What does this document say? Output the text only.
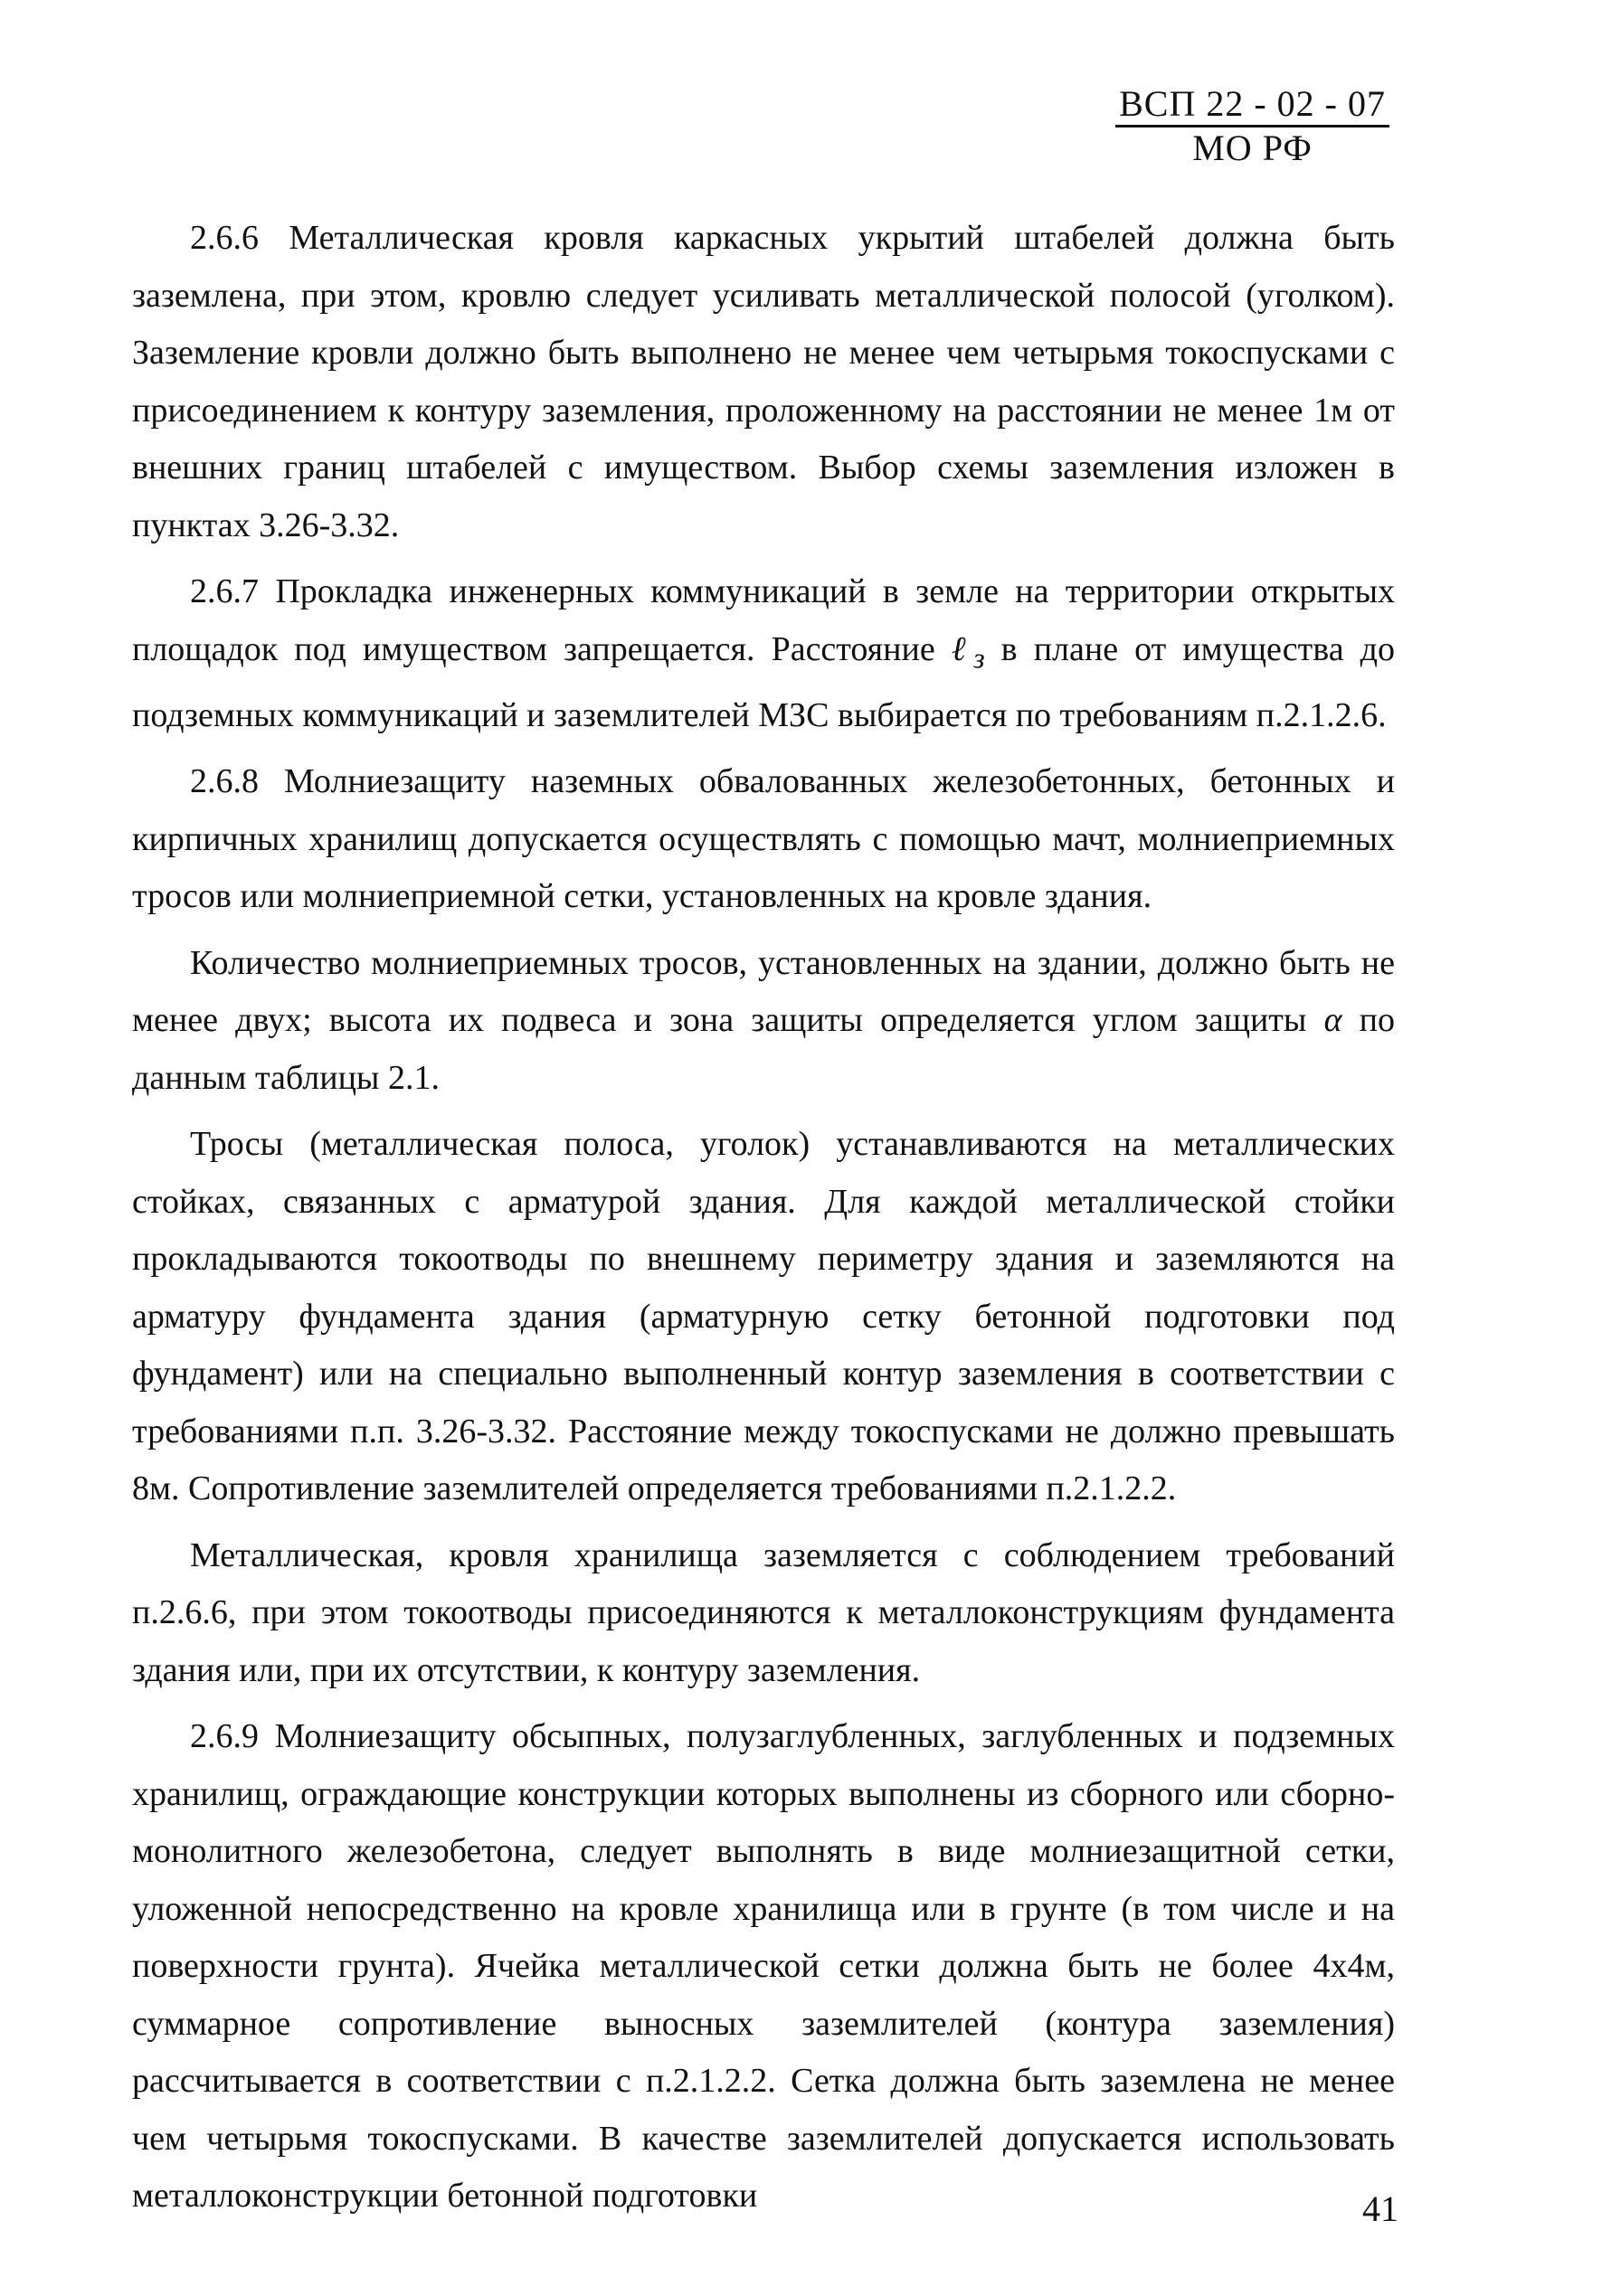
ВСП 22 - 02 - 07
МО РФ

2.6.6 Металлическая кровля каркасных укрытий штабелей должна быть заземлена, при этом, кровлю следует усиливать металлической полосой (уголком). Заземление кровли должно быть выполнено не менее чем четырьмя токоспусками с присоединением к контуру заземления, проложенному на расстоянии не менее 1м от внешних границ штабелей с имуществом. Выбор схемы заземления изложен в пунктах 3.26-3.32.

2.6.7 Прокладка инженерных коммуникаций в земле на территории открытых площадок под имуществом запрещается. Расстояние ℓ$_з$ в плане от имущества до подземных коммуникаций и заземлителей МЗС выбирается по требованиям п.2.1.2.6.

2.6.8 Молниезащиту наземных обвалованных железобетонных, бетонных и кирпичных хранилищ допускается осуществлять с помощью мачт, молниеприемных тросов или молниеприемной сетки, установленных на кровле здания.

Количество молниеприемных тросов, установленных на здании, должно быть не менее двух; высота их подвеса и зона защиты определяется углом защиты α по данным таблицы 2.1.

Тросы (металлическая полоса, уголок) устанавливаются на металлических стойках, связанных с арматурой здания. Для каждой металлической стойки прокладываются токоотводы по внешнему периметру здания и заземляются на арматуру фундамента здания (арматурную сетку бетонной подготовки под фундамент) или на специально выполненный контур заземления в соответствии с требованиями п.п. 3.26-3.32. Расстояние между токоспусками не должно превышать 8м. Сопротивление заземлителей определяется требованиями п.2.1.2.2.

Металлическая, кровля хранилища заземляется с соблюдением требований п.2.6.6, при этом токоотводы присоединяются к металлоконструкциям фундамента здания или, при их отсутствии, к контуру заземления.

2.6.9 Молниезащиту обсыпных, полузаглубленных, заглубленных и подземных хранилищ, ограждающие конструкции которых выполнены из сборного или сборно-монолитного железобетона, следует выполнять в виде молниезащитной сетки, уложенной непосредственно на кровле хранилища или в грунте (в том числе и на поверхности грунта). Ячейка металлической сетки должна быть не более 4х4м, суммарное сопротивление выносных заземлителей (контура заземления) рассчитывается в соответствии с п.2.1.2.2. Сетка должна быть заземлена не менее чем четырьмя токоспусками. В качестве заземлителей допускается использовать металлоконструкции бетонной подготовки	41
